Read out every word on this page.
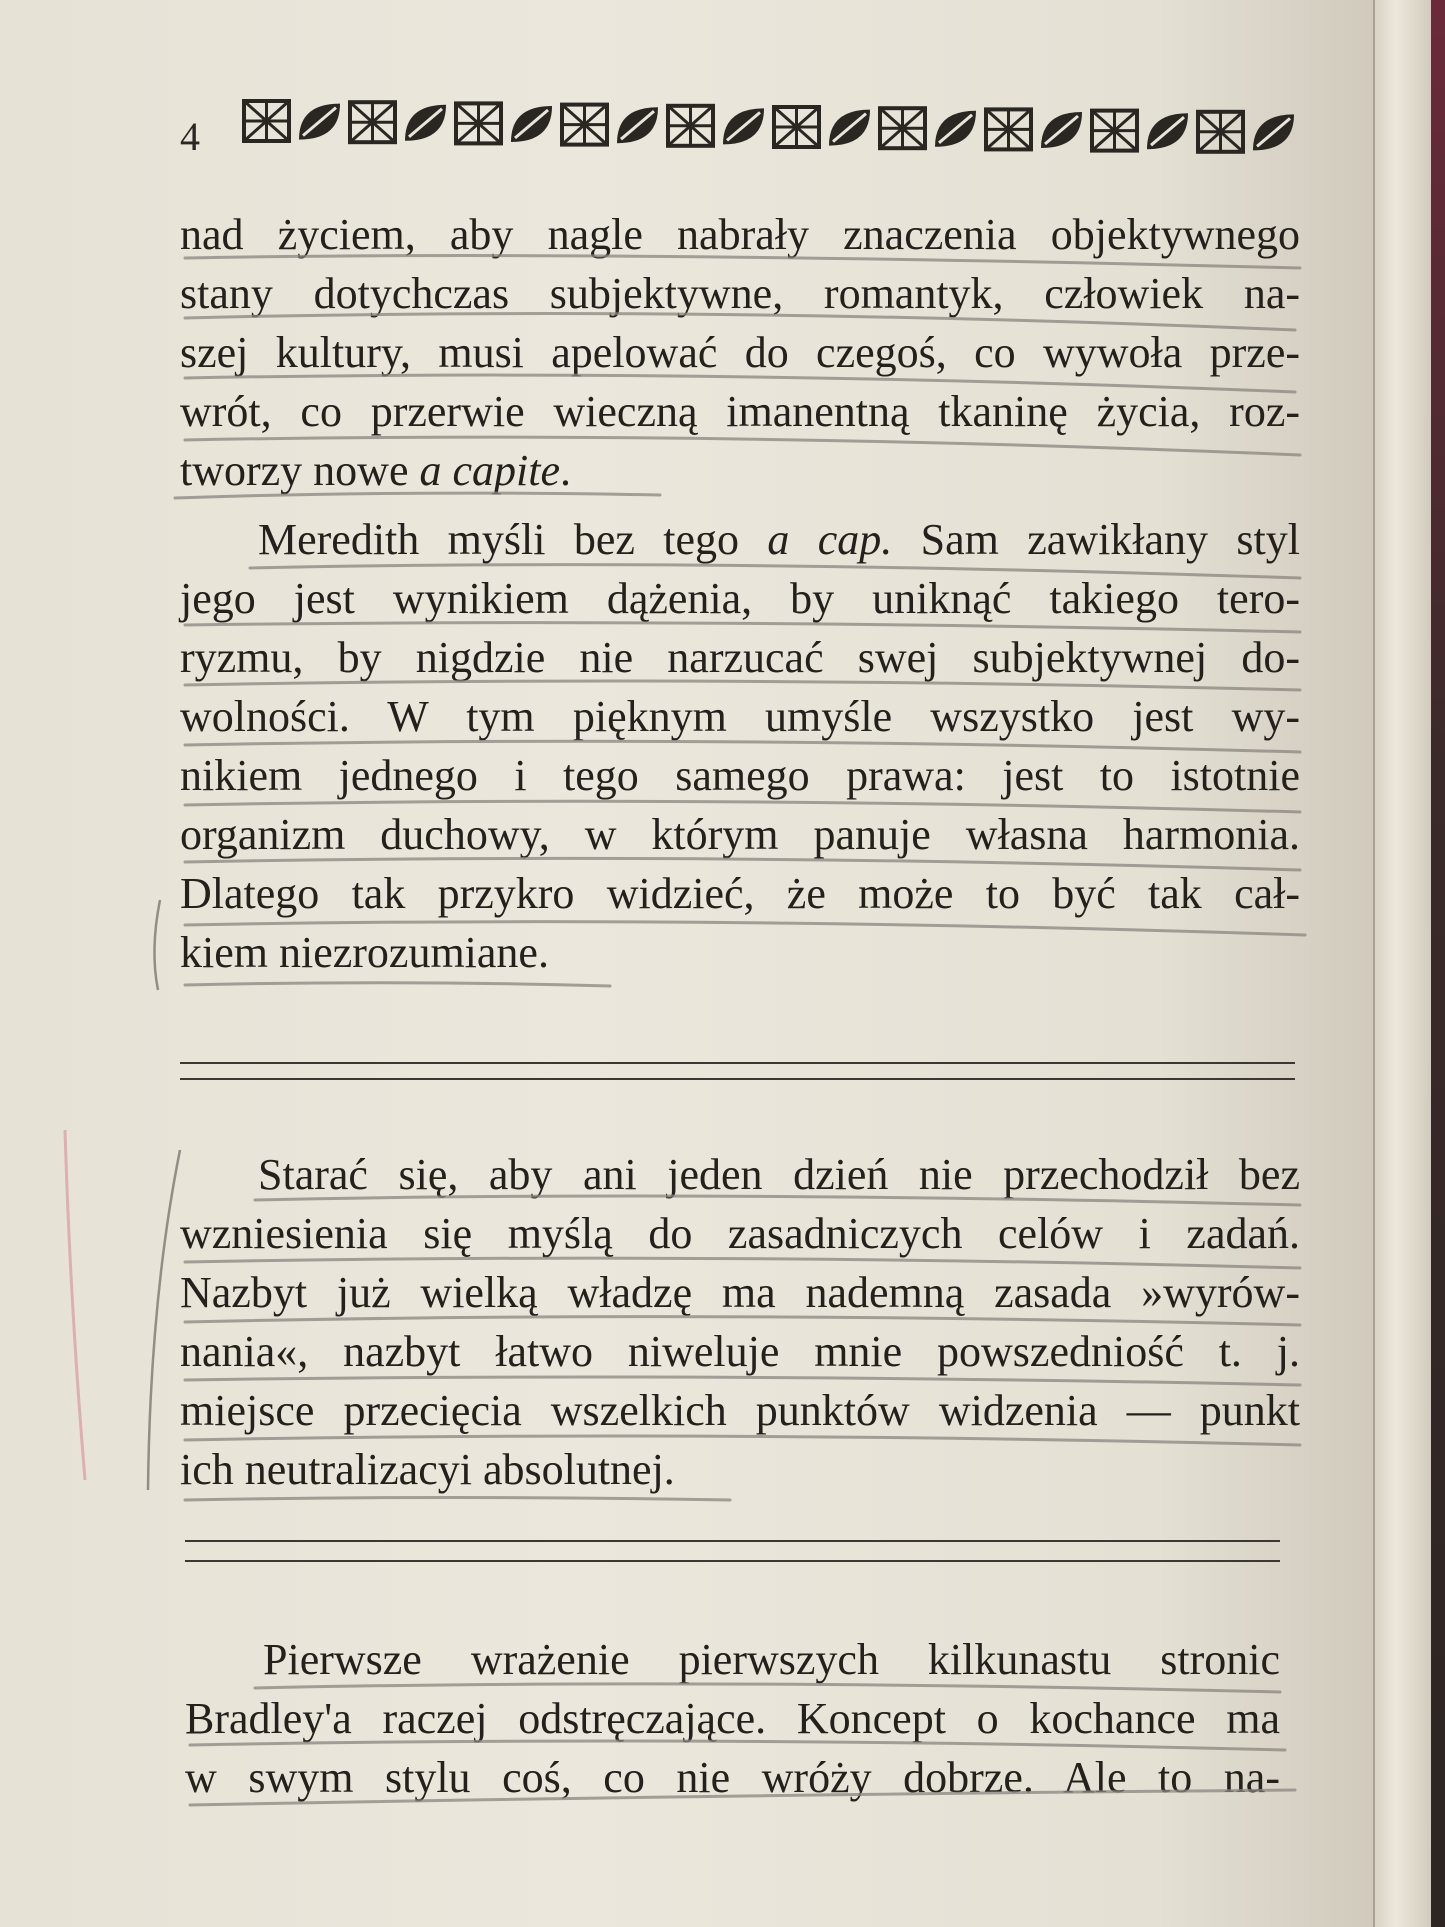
4
nad życiem, aby nagle nabrały znaczenia objektywnego
stany dotychczas subjektywne, romantyk, człowiek na-
szej kultury, musi apelować do czegoś, co wywoła prze-
wrót, co przerwie wieczną imanentną tkaninę życia, roz-
tworzy nowe a capite.
Meredith myśli bez tego a cap. Sam zawikłany styl
jego jest wynikiem dążenia, by uniknąć takiego tero-
ryzmu, by nigdzie nie narzucać swej subjektywnej do-
wolności. W tym pięknym umyśle wszystko jest wy-
nikiem jednego i tego samego prawa: jest to istotnie
organizm duchowy, w którym panuje własna harmonia.
Dlatego tak przykro widzieć, że może to być tak cał-
kiem niezrozumiane.
Starać się, aby ani jeden dzień nie przechodził bez
wzniesienia się myślą do zasadniczych celów i zadań.
Nazbyt już wielką władzę ma nademną zasada »wyrów-
nania«, nazbyt łatwo niweluje mnie powszedniość t. j.
miejsce przecięcia wszelkich punktów widzenia — punkt
ich neutralizacyi absolutnej.
Pierwsze wrażenie pierwszych kilkunastu stronic
Bradley'a raczej odstręczające. Koncept o kochance ma
w swym stylu coś, co nie wróży dobrze. Ale to na-
